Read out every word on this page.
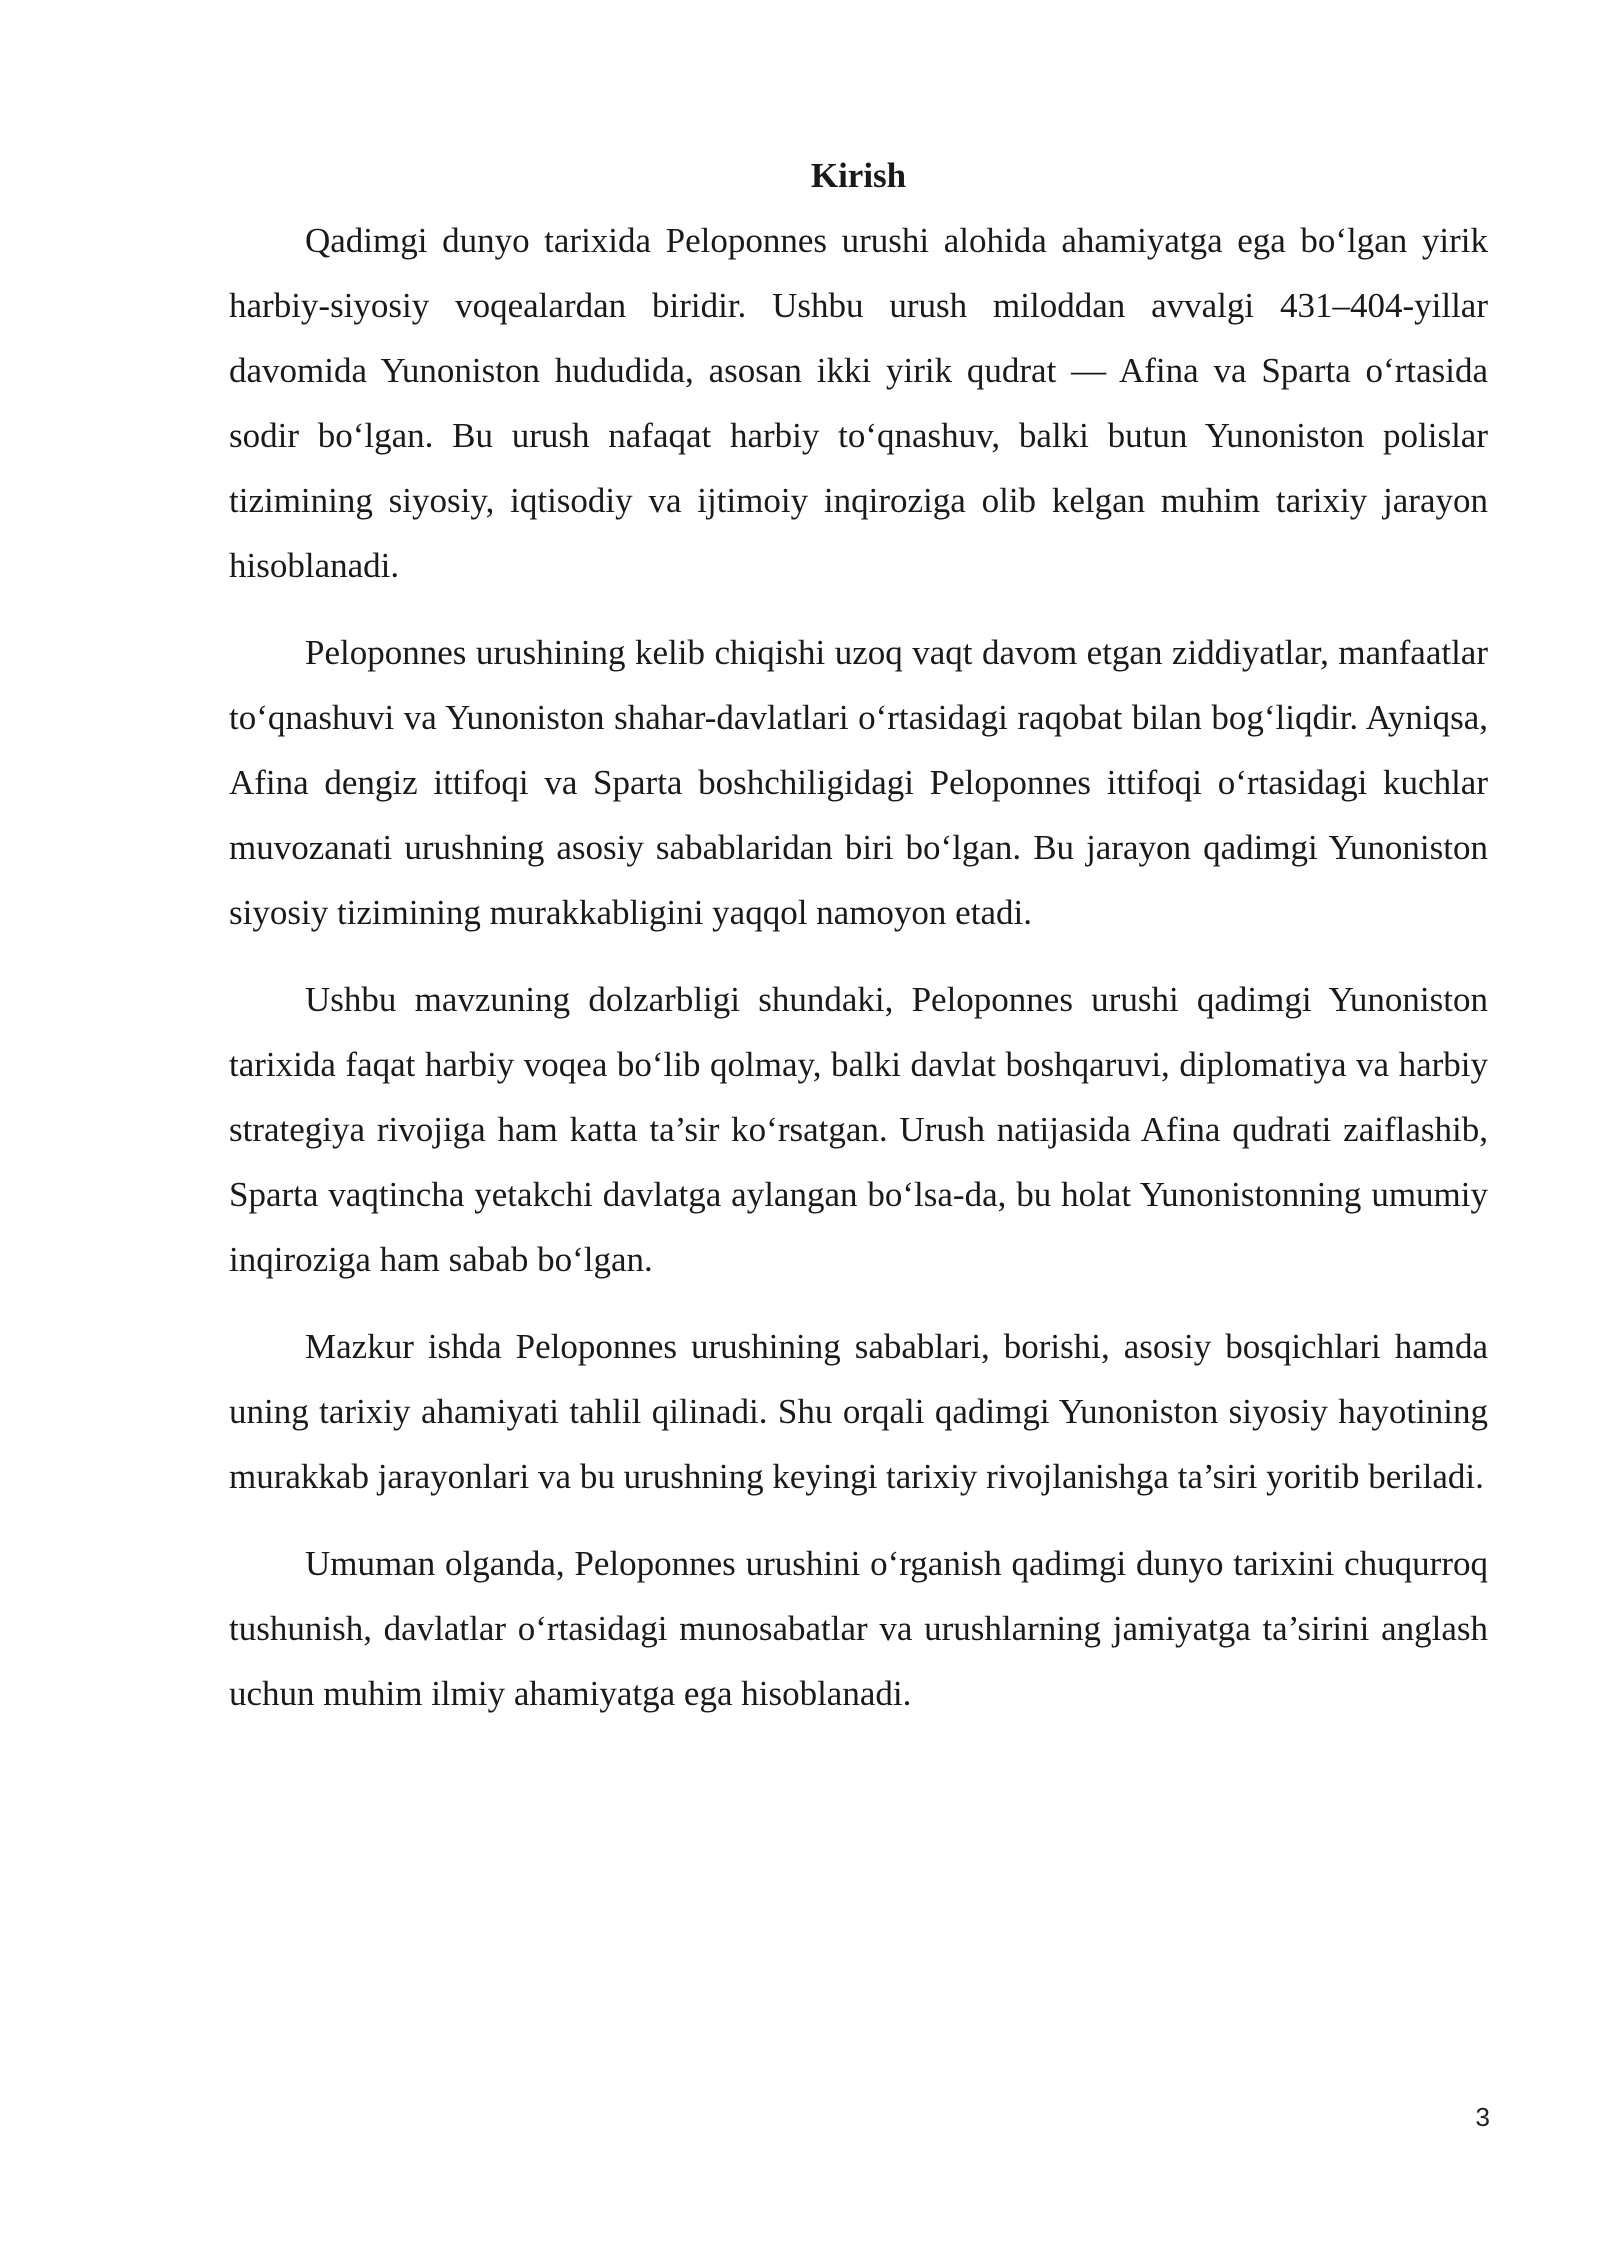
Kirish

Qadimgi dunyo tarixida Peloponnes urushi alohida ahamiyatga ega bo‘lgan yirik harbiy-siyosiy voqealardan biridir. Ushbu urush miloddan avvalgi 431–404-yillar davomida Yunoniston hududida, asosan ikki yirik qudrat — Afina va Sparta o‘rtasida sodir bo‘lgan. Bu urush nafaqat harbiy to‘qnashuv, balki butun Yunoniston polislar tizimining siyosiy, iqtisodiy va ijtimoiy inqiroziga olib kelgan muhim tarixiy jarayon hisoblanadi.

Peloponnes urushining kelib chiqishi uzoq vaqt davom etgan ziddiyatlar, manfaatlar to‘qnashuvi va Yunoniston shahar-davlatlari o‘rtasidagi raqobat bilan bog‘liqdir. Ayniqsa, Afina dengiz ittifoqi va Sparta boshchiligidagi Peloponnes ittifoqi o‘rtasidagi kuchlar muvozanati urushning asosiy sabablaridan biri bo‘lgan. Bu jarayon qadimgi Yunoniston siyosiy tizimining murakkabligini yaqqol namoyon etadi.

Ushbu mavzuning dolzarbligi shundaki, Peloponnes urushi qadimgi Yunoniston tarixida faqat harbiy voqea bo‘lib qolmay, balki davlat boshqaruvi, diplomatiya va harbiy strategiya rivojiga ham katta ta’sir ko‘rsatgan. Urush natijasida Afina qudrati zaiflashib, Sparta vaqtincha yetakchi davlatga aylangan bo‘lsa-da, bu holat Yunonistonning umumiy inqiroziga ham sabab bo‘lgan.

Mazkur ishda Peloponnes urushining sabablari, borishi, asosiy bosqichlari hamda uning tarixiy ahamiyati tahlil qilinadi. Shu orqali qadimgi Yunoniston siyosiy hayotining murakkab jarayonlari va bu urushning keyingi tarixiy rivojlanishga ta’siri yoritib beriladi.

Umuman olganda, Peloponnes urushini o‘rganish qadimgi dunyo tarixini chuqurroq tushunish, davlatlar o‘rtasidagi munosabatlar va urushlarning jamiyatga ta’sirini anglash uchun muhim ilmiy ahamiyatga ega hisoblanadi.

3
